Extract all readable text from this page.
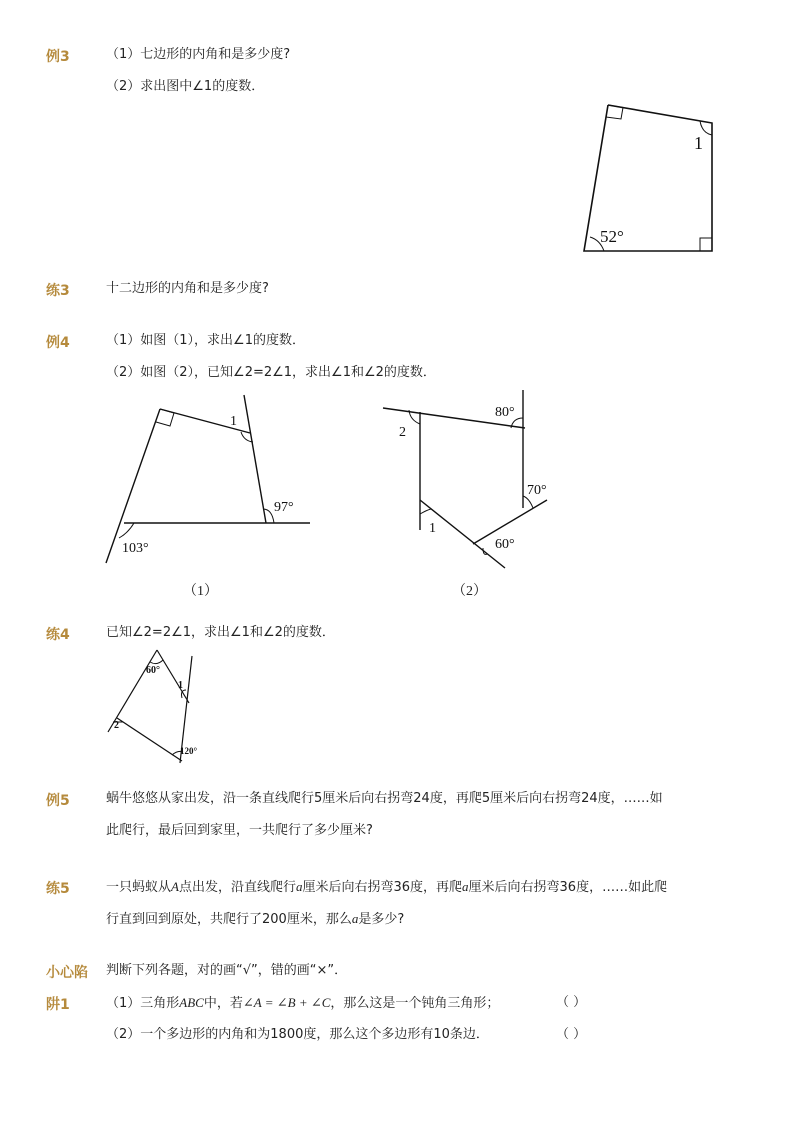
例3	（1）七边形的内角和是多少度?
（2）求出图中∠1的度数．
1
52°
练3	十二边形的内角和是多少度?
例4	（1）如图（1），求出∠1的度数．
（2）如图（2），已知∠2=2∠1，求出∠1和∠2的度数．
1
97°
103°
（1）
80°
2
70°
1
60°
（2）
练4	已知∠2=2∠1，求出∠1和∠2的度数．
60°
1
2
120°
例5	蜗牛悠悠从家出发，沿一条直线爬行5厘米后向右拐弯24度，再爬5厘米后向右拐弯24度，……如
此爬行，最后回到家里，一共爬行了多少厘米?
练5	一只蚂蚁从A点出发，沿直线爬行a厘米后向右拐弯36度，再爬a厘米后向右拐弯36度，……如此爬
行直到回到原处，共爬行了200厘米，那么a是多少?
小心陷 判断下列各题，对的画“√”，错的画“×”．
阱1	（1）三角形ABC中，若∠A = ∠B + ∠C，那么这是一个钝角三角形；	（ ）
（2）一个多边形的内角和为1800度，那么这个多边形有10条边．	（ ）
